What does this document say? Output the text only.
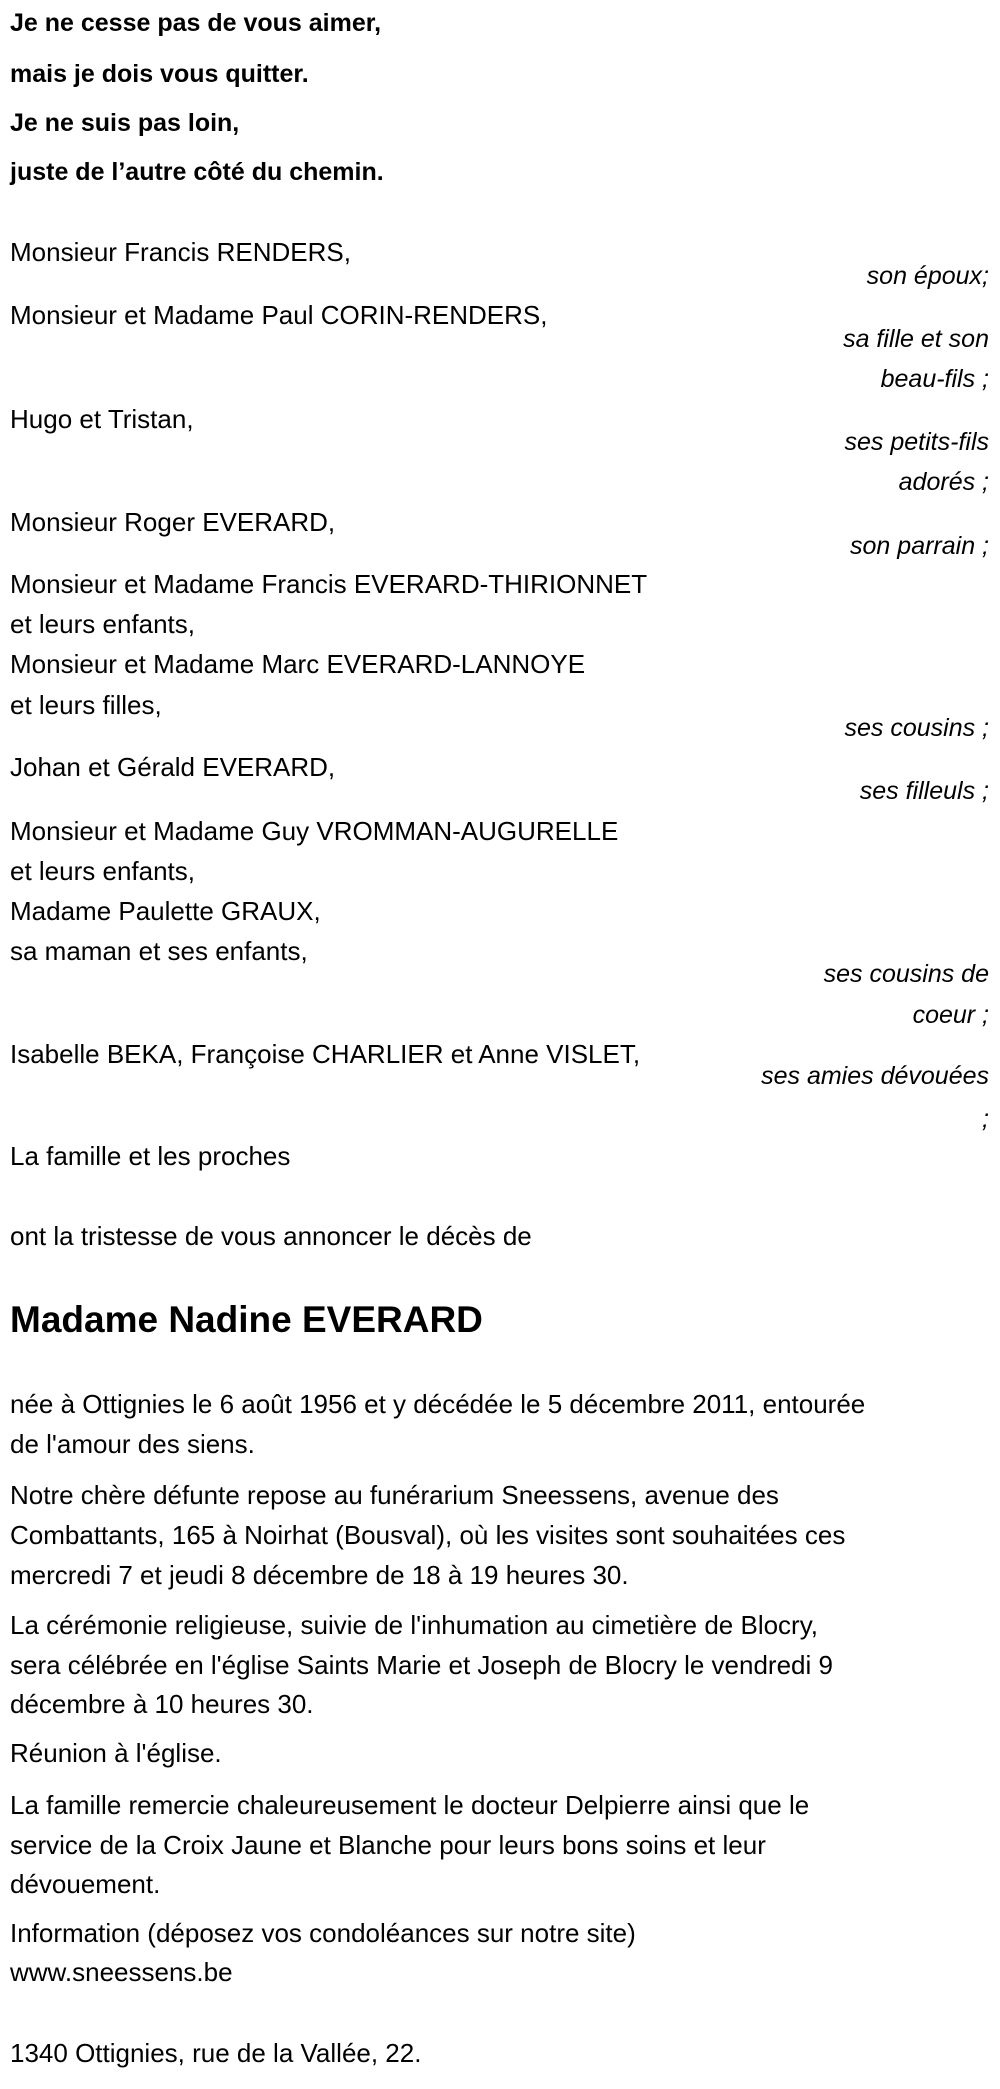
Je ne cesse pas de vous aimer,
mais je dois vous quitter.
Je ne suis pas loin,
juste de l’autre côté du chemin.
Monsieur Francis RENDERS,
son époux;
Monsieur et Madame Paul CORIN-RENDERS,
sa fille et son
beau-fils ;
Hugo et Tristan,
ses petits-fils
adorés ;
Monsieur Roger EVERARD,
son parrain ;
Monsieur et Madame Francis EVERARD-THIRIONNET
et leurs enfants,
Monsieur et Madame Marc EVERARD-LANNOYE
et leurs filles,
ses cousins ;
Johan et Gérald EVERARD,
ses filleuls ;
Monsieur et Madame Guy VROMMAN-AUGURELLE
et leurs enfants,
Madame Paulette GRAUX,
sa maman et ses enfants,
ses cousins de
coeur ;
Isabelle BEKA, Françoise CHARLIER et Anne VISLET,
ses amies dévouées
;
La famille et les proches
ont la tristesse de vous annoncer le décès de
Madame Nadine EVERARD
née à Ottignies le 6 août 1956 et y décédée le 5 décembre 2011, entourée
de l'amour des siens.
Notre chère défunte repose au funérarium Sneessens, avenue des
Combattants, 165 à Noirhat (Bousval), où les visites sont souhaitées ces
mercredi 7 et jeudi 8 décembre de 18 à 19 heures 30.
La cérémonie religieuse, suivie de l'inhumation au cimetière de Blocry,
sera célébrée en l'église Saints Marie et Joseph de Blocry le vendredi 9
décembre à 10 heures 30.
Réunion à l'église.
La famille remercie chaleureusement le docteur Delpierre ainsi que le
service de la Croix Jaune et Blanche pour leurs bons soins et leur
dévouement.
Information (déposez vos condoléances sur notre site)
www.sneessens.be
1340 Ottignies, rue de la Vallée, 22.
